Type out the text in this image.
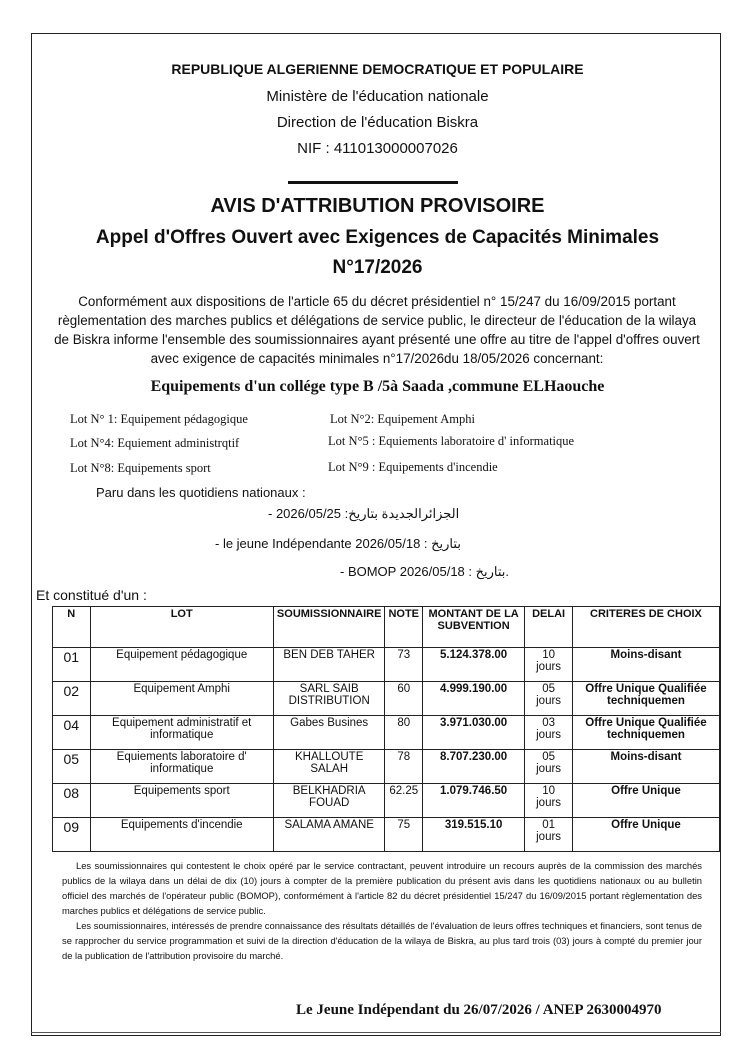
REPUBLIQUE ALGERIENNE DEMOCRATIQUE ET POPULAIRE
Ministère de l'éducation nationale
Direction de l'éducation Biskra
NIF : 411013000007026
AVIS D'ATTRIBUTION PROVISOIRE
Appel d'Offres Ouvert avec Exigences de Capacités Minimales
N°17/2026
Conformément aux dispositions de l'article 65 du décret présidentiel n° 15/247 du 16/09/2015 portant règlementation des marches publics et délégations de service public, le directeur de l'éducation de la wilaya de Biskra informe l'ensemble des soumissionnaires ayant présenté une offre au titre de l'appel d'offres ouvert avec exigence de capacités minimales n°17/2026du 18/05/2026 concernant:
Equipements d'un collége type B /5à Saada ,commune ELHaouche
Lot N° 1: Equipement pédagogique	Lot N°2: Equipement Amphi
Lot N°4: Equiement administrqtif	Lot N°5 : Equiements laboratoire d' informatique
Lot N°8: Equipements sport	Lot N°9 : Equipements d'incendie
Paru dans les quotidiens nationaux :
- الجزائرالجديدة بتاريخ: 2026/05/25
- le jeune Indépendante بتاريخ : 2026/05/18
- BOMOP بتاريخ : 2026/05/18.
Et constitué d'un :
N	LOT	SOUMISSIONNAIRE	NOTE	MONTANT DE LA SUBVENTION	DELAI	CRITERES DE CHOIX
01	Equipement pédagogique	BEN DEB TAHER	73	5.124.378.00	10 jours	Moins-disant
02	Equipement Amphi	SARL SAIB DISTRIBUTION	60	4.999.190.00	05 jours	Offre Unique Qualifiée techniquemen
04	Equipement administratif et informatique	Gabes Busines	80	3.971.030.00	03 jours	Offre Unique Qualifiée techniquemen
05	Equiements laboratoire d' informatique	KHALLOUTE SALAH	78	8.707.230.00	05 jours	Moins-disant
08	Equipements sport	BELKHADRIA FOUAD	62.25	1.079.746.50	10 jours	Offre Unique
09	Equipements d'incendie	SALAMA AMANE	75	319.515.10	01 jours	Offre Unique
Les soumissionnaires qui contestent le choix opéré par le service contractant, peuvent introduire un recours auprès de la commission des marchés publics de la wilaya dans un délai de dix (10) jours à compter de la première publication du présent avis dans les quotidiens nationaux ou au bulletin officiel des marchés de l'opérateur public (BOMOP), conformément à l'article 82 du décret présidentiel 15/247 du 16/09/2015 portant règlementation des marches publics et délégations de service public.
Les soumissionnaires, intéressés de prendre connaissance des résultats détaillés de l'évaluation de leurs offres techniques et financiers, sont tenus de se rapprocher du service programmation et suivi de la direction d'éducation de la wilaya de Biskra, au plus tard trois (03) jours à compté du premier jour de la publication de l'attribution provisoire du marché.
Le Jeune Indépendant du 26/07/2026 / ANEP 2630004970
